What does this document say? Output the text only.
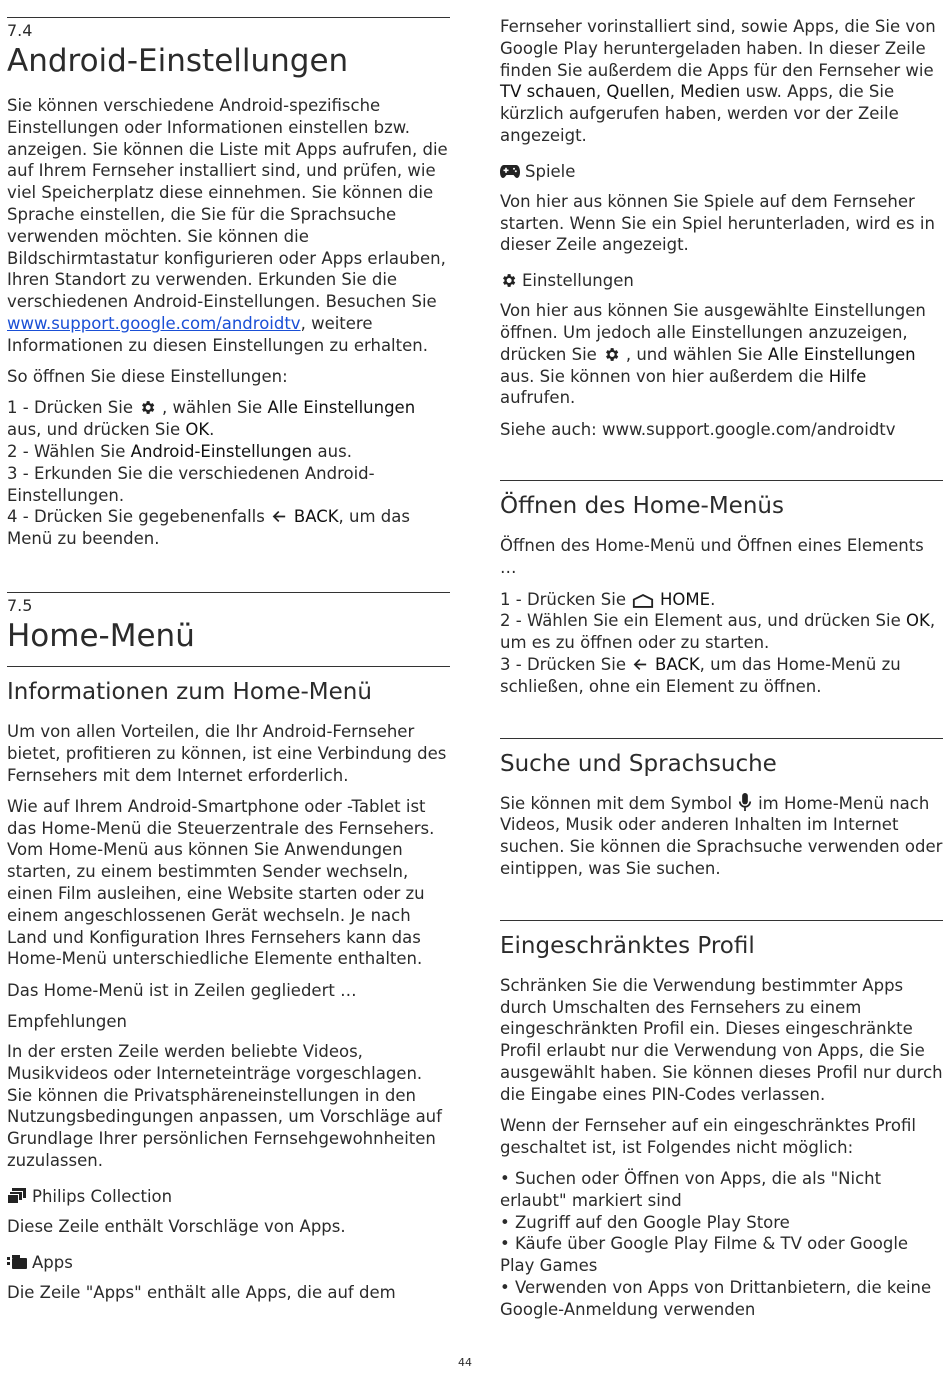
7.4
Android-Einstellungen

Sie können verschiedene Android-spezifische Einstellungen oder Informationen einstellen bzw. anzeigen. Sie können die Liste mit Apps aufrufen, die auf Ihrem Fernseher installiert sind, und prüfen, wie viel Speicherplatz diese einnehmen. Sie können die Sprache einstellen, die Sie für die Sprachsuche verwenden möchten. Sie können die Bildschirmtastatur konfigurieren oder Apps erlauben, Ihren Standort zu verwenden. Erkunden Sie die verschiedenen Android-Einstellungen. Besuchen Sie www.support.google.com/androidtv, weitere Informationen zu diesen Einstellungen zu erhalten.

So öffnen Sie diese Einstellungen:

1 - Drücken Sie , wählen Sie Alle Einstellungen aus, und drücken Sie OK.
2 - Wählen Sie Android-Einstellungen aus.
3 - Erkunden Sie die verschiedenen Android-Einstellungen.
4 - Drücken Sie gegebenenfalls BACK, um das Menü zu beenden.

7.5
Home-Menü
Informationen zum Home-Menü

Um von allen Vorteilen, die Ihr Android-Fernseher bietet, profitieren zu können, ist eine Verbindung des Fernsehers mit dem Internet erforderlich.

Wie auf Ihrem Android-Smartphone oder -Tablet ist das Home-Menü die Steuerzentrale des Fernsehers. Vom Home-Menü aus können Sie Anwendungen starten, zu einem bestimmten Sender wechseln, einen Film ausleihen, eine Website starten oder zu einem angeschlossenen Gerät wechseln. Je nach Land und Konfiguration Ihres Fernsehers kann das Home-Menü unterschiedliche Elemente enthalten.

Das Home-Menü ist in Zeilen gegliedert …

Empfehlungen

In der ersten Zeile werden beliebte Videos, Musikvideos oder Interneteinträge vorgeschlagen. Sie können die Privatsphäreneinstellungen in den Nutzungsbedingungen anpassen, um Vorschläge auf Grundlage Ihrer persönlichen Fernsehgewohnheiten zuzulassen.

Philips Collection

Diese Zeile enthält Vorschläge von Apps.

Apps

Die Zeile "Apps" enthält alle Apps, die auf dem

Fernseher vorinstalliert sind, sowie Apps, die Sie von Google Play heruntergeladen haben. In dieser Zeile finden Sie außerdem die Apps für den Fernseher wie TV schauen, Quellen, Medien usw. Apps, die Sie kürzlich aufgerufen haben, werden vor der Zeile angezeigt.

Spiele

Von hier aus können Sie Spiele auf dem Fernseher starten. Wenn Sie ein Spiel herunterladen, wird es in dieser Zeile angezeigt.

Einstellungen

Von hier aus können Sie ausgewählte Einstellungen öffnen. Um jedoch alle Einstellungen anzuzeigen, drücken Sie , und wählen Sie Alle Einstellungen aus. Sie können von hier außerdem die Hilfe aufrufen.

Siehe auch: www.support.google.com/androidtv

Öffnen des Home-Menüs

Öffnen des Home-Menü und Öffnen eines Elements …

1 - Drücken Sie HOME.
2 - Wählen Sie ein Element aus, und drücken Sie OK, um es zu öffnen oder zu starten.
3 - Drücken Sie BACK, um das Home-Menü zu schließen, ohne ein Element zu öffnen.

Suche und Sprachsuche

Sie können mit dem Symbol im Home-Menü nach Videos, Musik oder anderen Inhalten im Internet suchen. Sie können die Sprachsuche verwenden oder eintippen, was Sie suchen.

Eingeschränktes Profil

Schränken Sie die Verwendung bestimmter Apps durch Umschalten des Fernsehers zu einem eingeschränkten Profil ein. Dieses eingeschränkte Profil erlaubt nur die Verwendung von Apps, die Sie ausgewählt haben. Sie können dieses Profil nur durch die Eingabe eines PIN-Codes verlassen.

Wenn der Fernseher auf ein eingeschränktes Profil geschaltet ist, ist Folgendes nicht möglich:

• Suchen oder Öffnen von Apps, die als "Nicht erlaubt" markiert sind
• Zugriff auf den Google Play Store
• Käufe über Google Play Filme & TV oder Google Play Games
• Verwenden von Apps von Drittanbietern, die keine Google-Anmeldung verwenden

44
